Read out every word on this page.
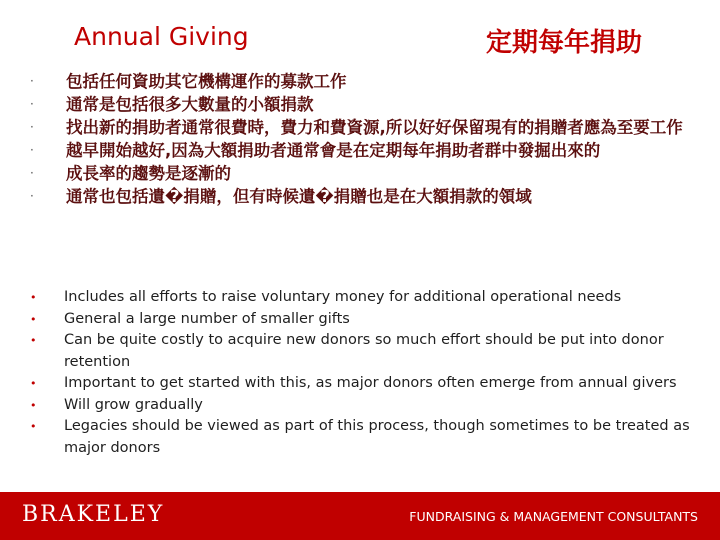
Annual Giving	定期每年捐助
· 包括任何資助其它機構運作的募款工作
· 通常是包括很多大數量的小額捐款
· 找出新的捐助者通常很費時，費力和費資源,所以好好保留現有的捐贈者應為至要工作
· 越早開始越好,因為大額捐助者通常會是在定期每年捐助者群中發掘出來的
· 成長率的趨勢是逐漸的
· 通常也包括遺�捐贈，但有時候遺�捐贈也是在大額捐款的領域
• Includes all efforts to raise voluntary money for additional operational needs
• General a large number of smaller gifts
• Can be quite costly to acquire new donors so much effort should be put into donor retention
• Important to get started with this, as major donors often emerge from annual givers
• Will grow gradually
• Legacies should be viewed as part of this process, though sometimes to be treated as major donors
BRAKELEY	FUNDRAISING & MANAGEMENT CONSULTANTS
